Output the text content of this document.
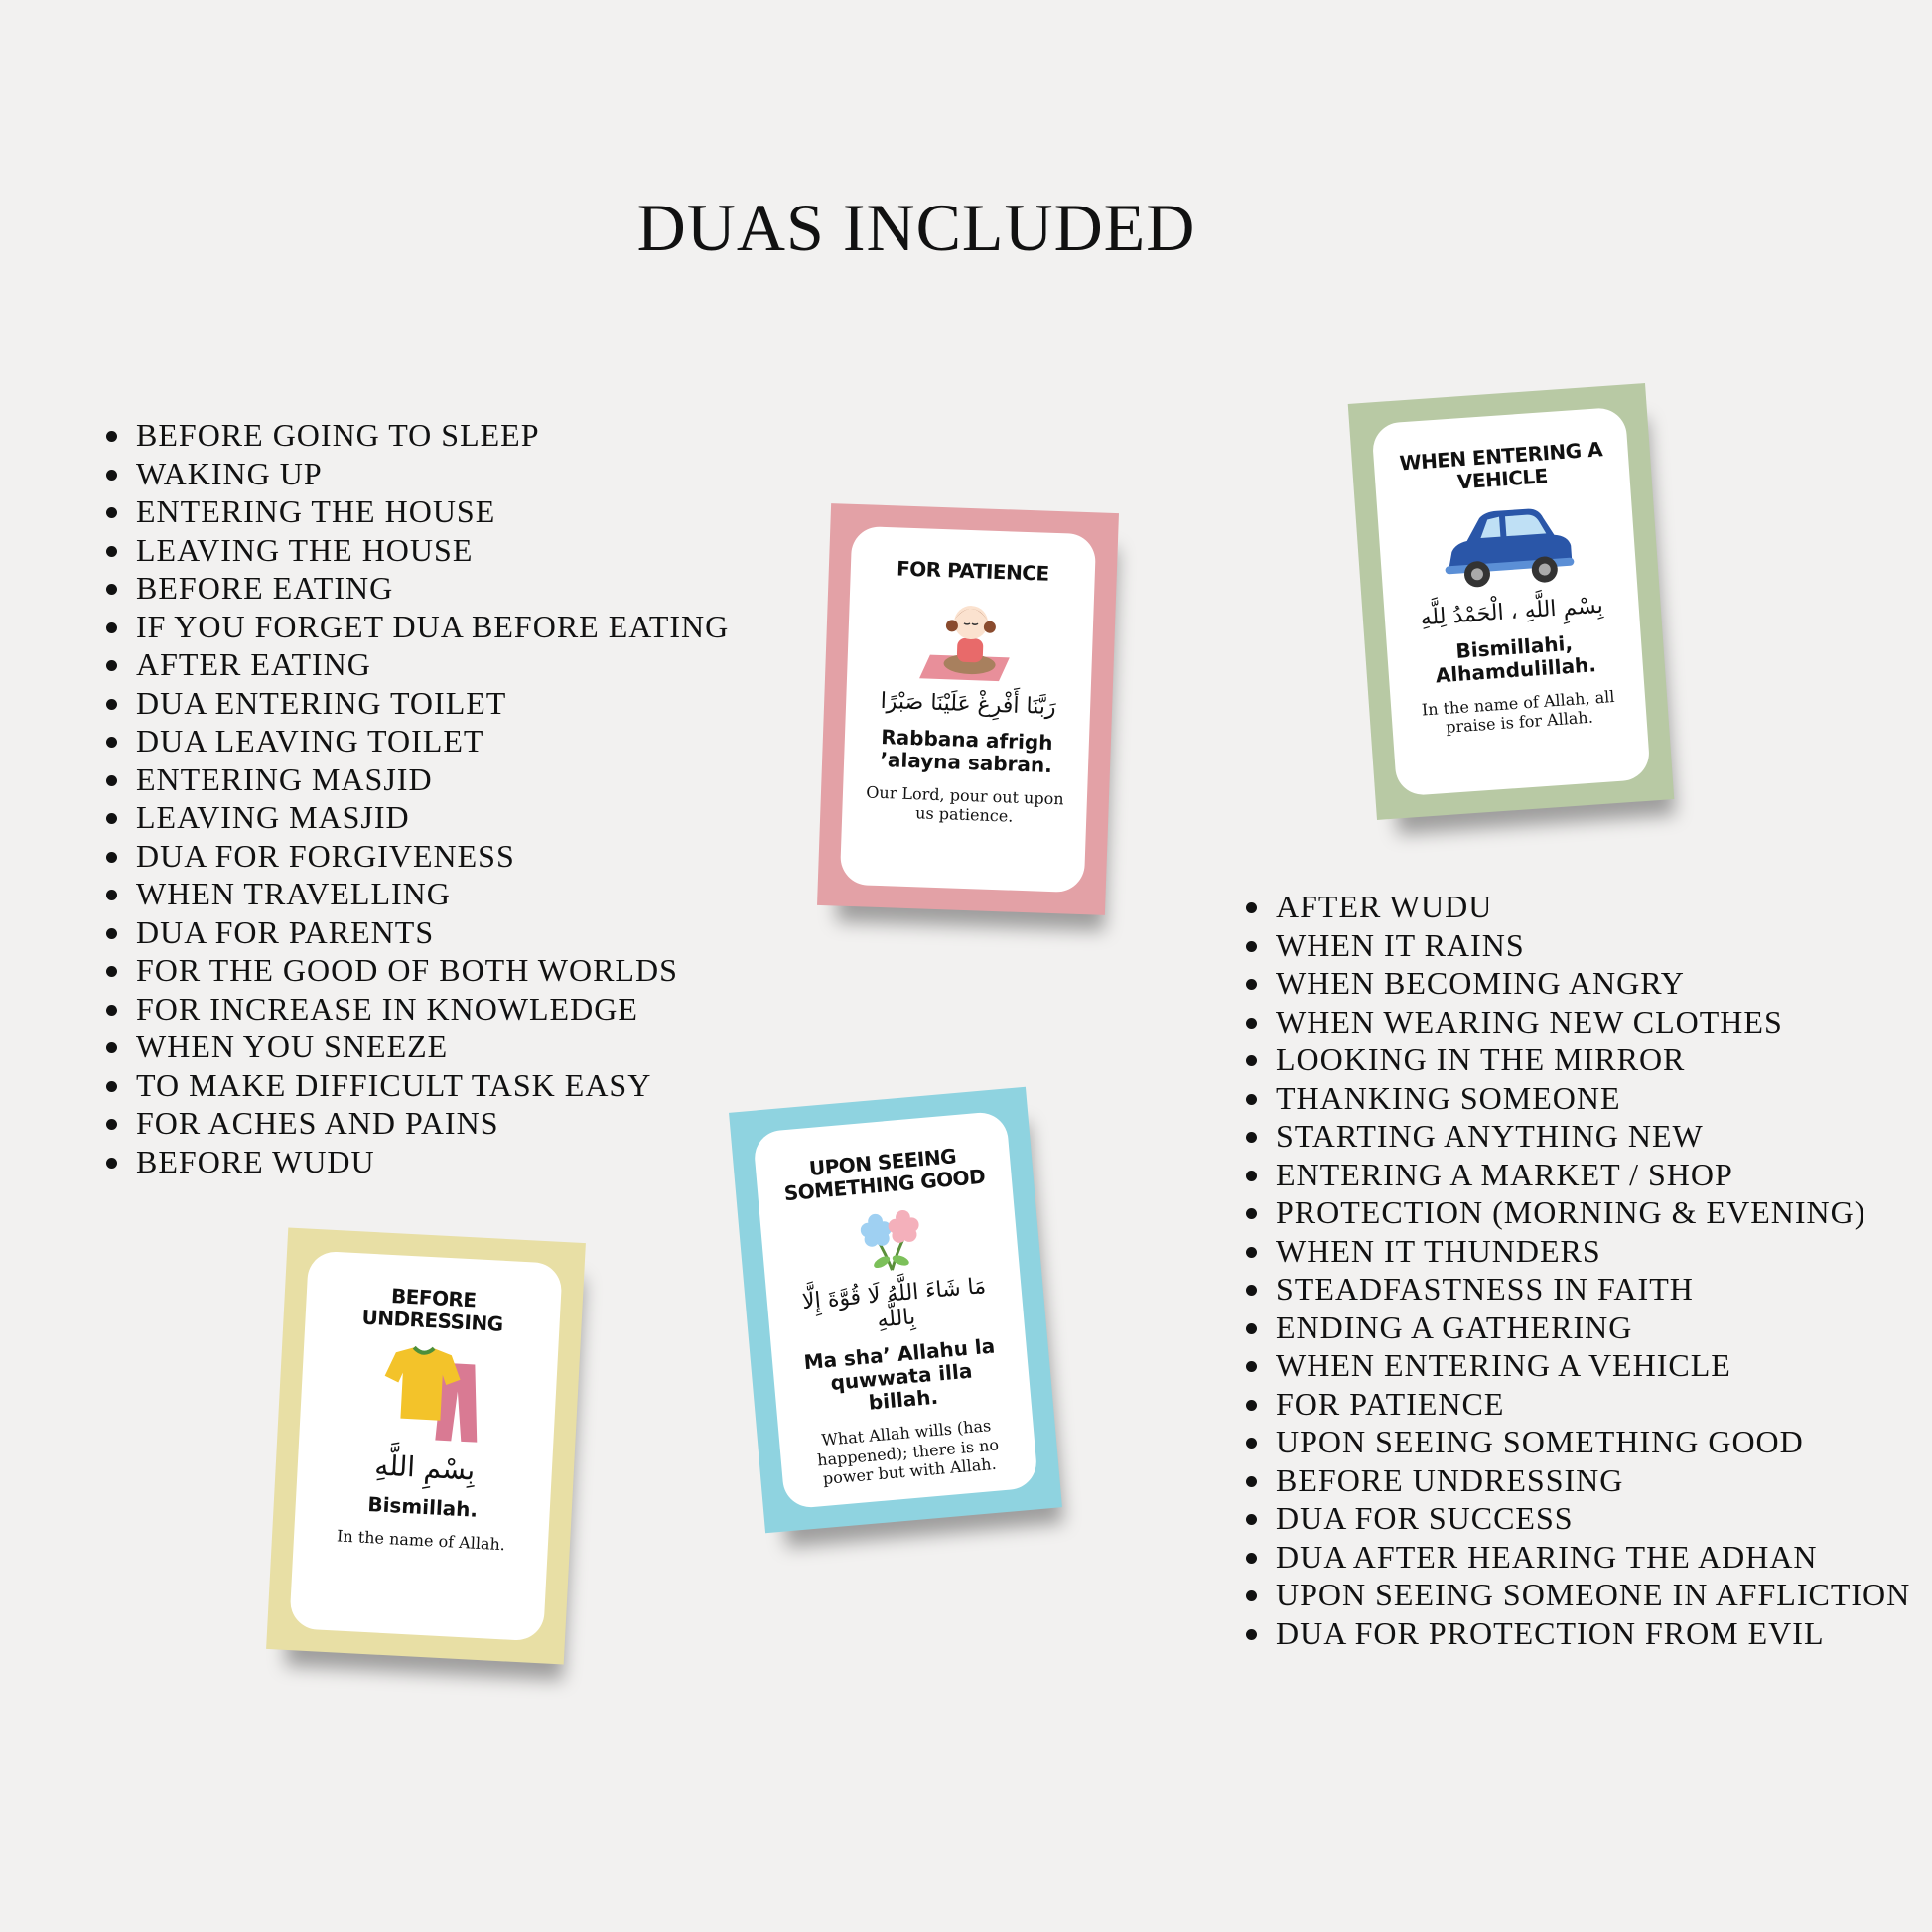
DUAS INCLUDED
BEFORE GOING TO SLEEP
WAKING UP
ENTERING THE HOUSE
LEAVING THE HOUSE
BEFORE EATING
IF YOU FORGET DUA BEFORE EATING
AFTER EATING
DUA ENTERING TOILET
DUA LEAVING TOILET
ENTERING MASJID
LEAVING MASJID
DUA FOR FORGIVENESS
WHEN TRAVELLING
DUA FOR PARENTS
FOR THE GOOD OF BOTH WORLDS
FOR INCREASE IN KNOWLEDGE
WHEN YOU SNEEZE
TO MAKE DIFFICULT TASK EASY
FOR ACHES AND PAINS
BEFORE WUDU
AFTER WUDU
WHEN IT RAINS
WHEN BECOMING ANGRY
WHEN WEARING NEW CLOTHES
LOOKING IN THE MIRROR
THANKING SOMEONE
STARTING ANYTHING NEW
ENTERING A MARKET / SHOP
PROTECTION (MORNING & EVENING)
WHEN IT THUNDERS
STEADFASTNESS IN FAITH
ENDING A GATHERING
WHEN ENTERING A VEHICLE
FOR PATIENCE
UPON SEEING SOMETHING GOOD
BEFORE UNDRESSING
DUA FOR SUCCESS
DUA AFTER HEARING THE ADHAN
UPON SEEING SOMEONE IN AFFLICTION
DUA FOR PROTECTION FROM EVIL
FOR PATIENCE
رَبَّنَا أَفْرِغْ عَلَيْنَا صَبْرًا
Rabbana afrigh ’alayna sabran.
Our Lord, pour out upon us patience.
WHEN ENTERING A VEHICLE
بِسْمِ اللَّهِ ، الْحَمْدُ لِلَّهِ
Bismillahi, Alhamdulillah.
In the name of Allah, all praise is for Allah.
UPON SEEING SOMETHING GOOD
مَا شَاءَ اللَّهُ لَا قُوَّةَ إِلَّا بِاللَّهِ
Ma sha’ Allahu la quwwata illa billah.
What Allah wills (has happened); there is no power but with Allah.
BEFORE UNDRESSING
بِسْمِ اللَّهِ
Bismillah.
In the name of Allah.
